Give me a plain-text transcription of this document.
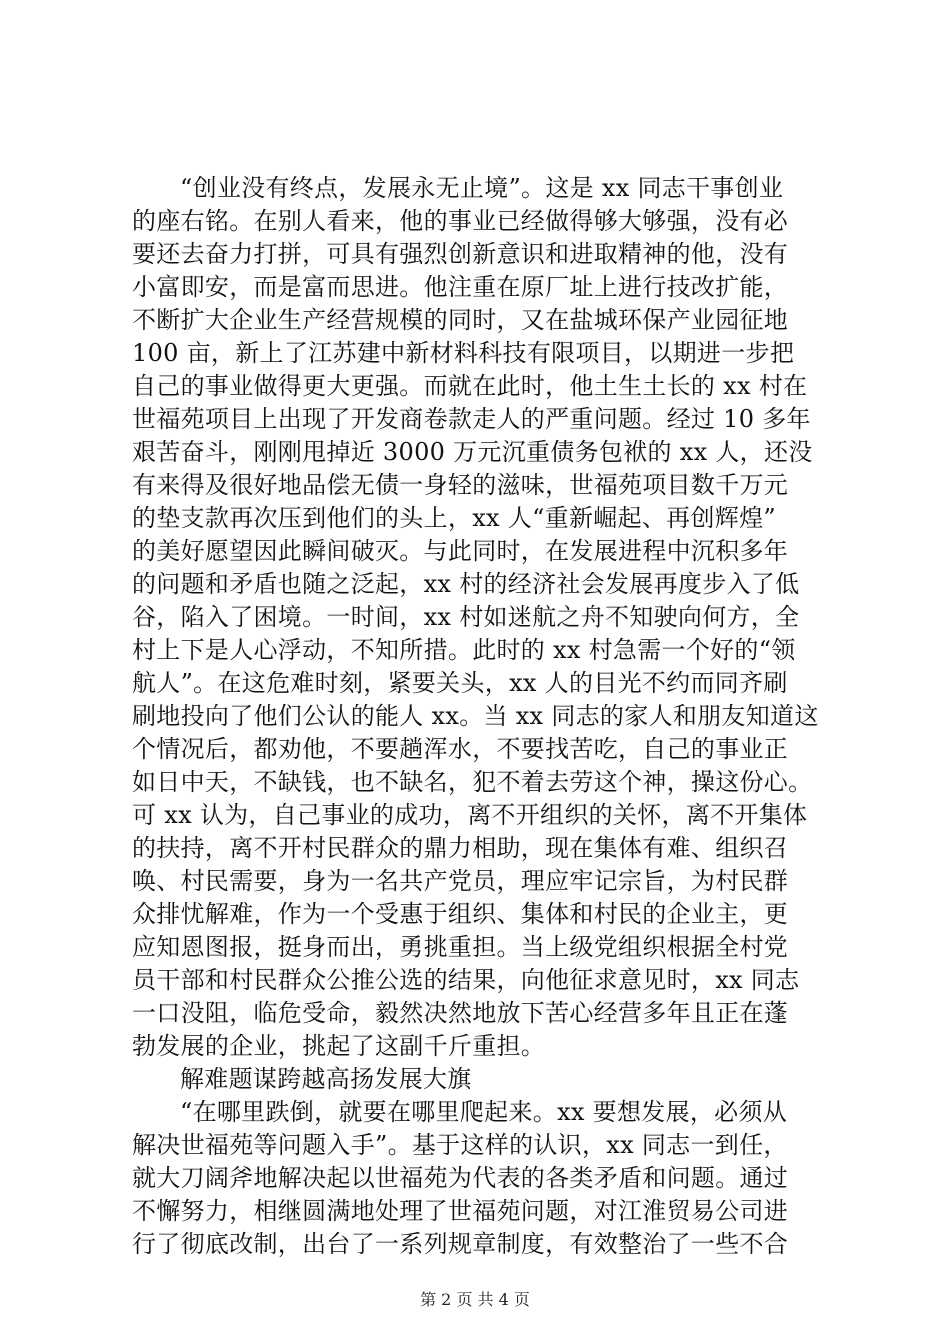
“创业没有终点，发展永无止境”。这是 xx 同志干事创业
的座右铭。在别人看来，他的事业已经做得够大够强，没有必
要还去奋力打拼，可具有强烈创新意识和进取精神的他，没有
小富即安，而是富而思进。他注重在原厂址上进行技改扩能，
不断扩大企业生产经营规模的同时，又在盐城环保产业园征地
100 亩，新上了江苏建中新材料科技有限项目，以期进一步把
自己的事业做得更大更强。而就在此时，他土生土长的 xx 村在
世福苑项目上出现了开发商卷款走人的严重问题。经过 10 多年
艰苦奋斗，刚刚甩掉近 3000 万元沉重债务包袱的 xx 人，还没
有来得及很好地品偿无债一身轻的滋味，世福苑项目数千万元
的垫支款再次压到他们的头上，xx 人“重新崛起、再创辉煌”
的美好愿望因此瞬间破灭。与此同时，在发展进程中沉积多年
的问题和矛盾也随之泛起，xx 村的经济社会发展再度步入了低
谷，陷入了困境。一时间，xx 村如迷航之舟不知驶向何方，全
村上下是人心浮动，不知所措。此时的 xx 村急需一个好的“领
航人”。在这危难时刻，紧要关头，xx 人的目光不约而同齐刷
刷地投向了他们公认的能人 xx。当 xx 同志的家人和朋友知道这
个情况后，都劝他，不要趟浑水，不要找苦吃，自己的事业正
如日中天，不缺钱，也不缺名，犯不着去劳这个神，操这份心。
可 xx 认为，自己事业的成功，离不开组织的关怀，离不开集体
的扶持，离不开村民群众的鼎力相助，现在集体有难、组织召
唤、村民需要，身为一名共产党员，理应牢记宗旨，为村民群
众排忧解难，作为一个受惠于组织、集体和村民的企业主，更
应知恩图报，挺身而出，勇挑重担。当上级党组织根据全村党
员干部和村民群众公推公选的结果，向他征求意见时，xx 同志
一口没阻，临危受命，毅然决然地放下苦心经营多年且正在蓬
勃发展的企业，挑起了这副千斤重担。
解难题谋跨越高扬发展大旗
“在哪里跌倒，就要在哪里爬起来。xx 要想发展，必须从
解决世福苑等问题入手”。基于这样的认识，xx 同志一到任，
就大刀阔斧地解决起以世福苑为代表的各类矛盾和问题。通过
不懈努力，相继圆满地处理了世福苑问题，对江淮贸易公司进
行了彻底改制，出台了一系列规章制度，有效整治了一些不合
第 2 页 共 4 页
